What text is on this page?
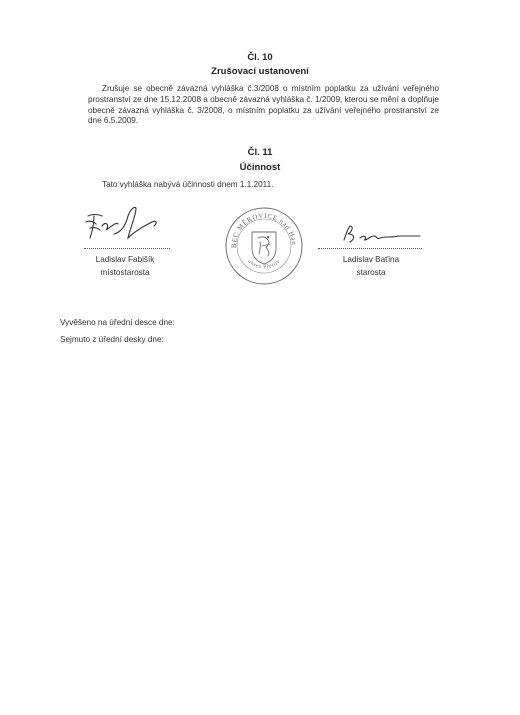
Čl. 10
Zrušovací ustanovení
Zrušuje se obecně závazná vyhláška č.3/2008 o místním poplatku za užívání veřejného prostranství ze dne 15.12.2008 a obecně závazná vyhláška č. 1/2009, kterou se mění a doplňuje obecně závazná vyhláška č. 3/2008, o místním poplatku za užívání veřejného prostranství ze dne 6.5.2009.
Čl. 11
Účinnost
Tato vyhláška nabývá účinnosti dnem 1.1.2011.
Ladislav Fabišík
místostarosta
OBEC MĚROVICE nad Hanou
okres Přerov	Ladislav Baťina
starosta
Vyvěšeno na úřední desce dne:
Sejmuto z úřední desky dne:
